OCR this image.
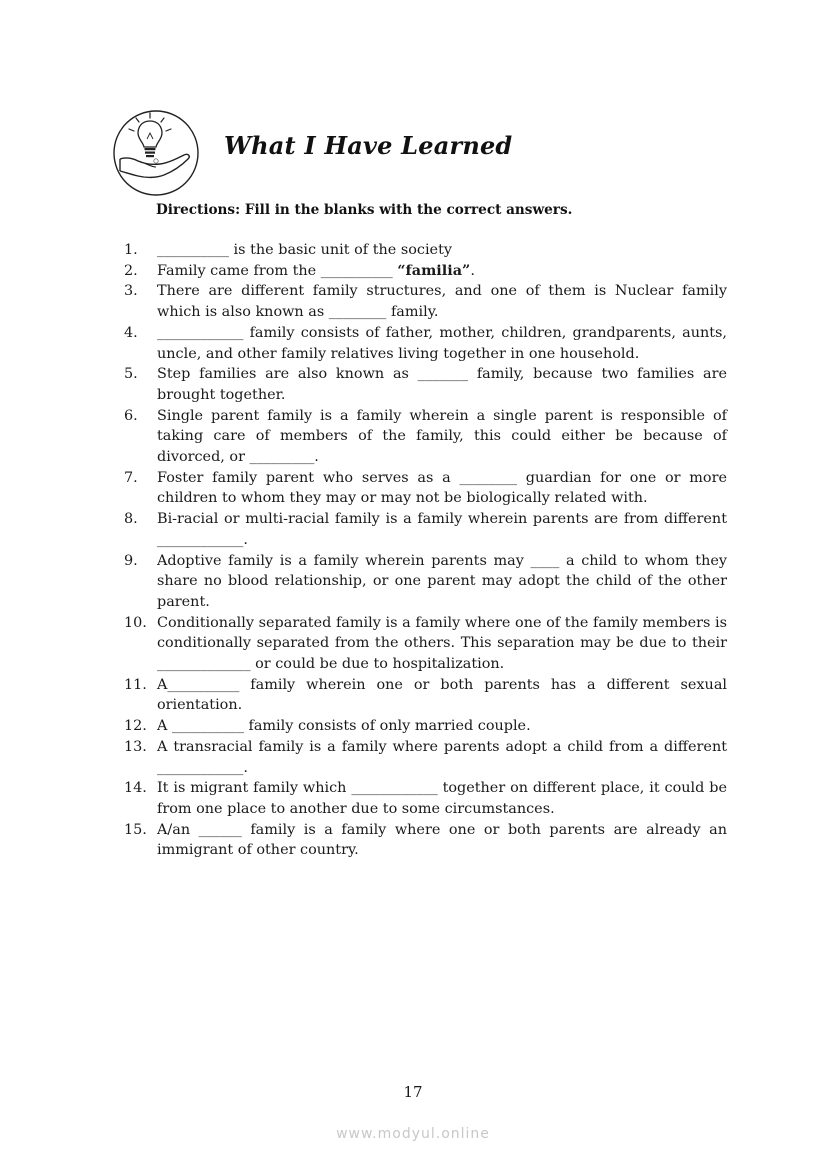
What I Have Learned
Directions: Fill in the blanks with the correct answers.
1. __________ is the basic unit of the society
2. Family came from the __________ “familia”.
3. There are different family structures, and one of them is Nuclear family which is also known as ________ family.
4. ____________ family consists of father, mother, children, grandparents, aunts, uncle, and other family relatives living together in one household.
5. Step families are also known as _______ family, because two families are brought together.
6. Single parent family is a family wherein a single parent is responsible of taking care of members of the family, this could either be because of divorced, or _________.
7. Foster family parent who serves as a ________ guardian for one or more children to whom they may or may not be biologically related with.
8. Bi-racial or multi-racial family is a family wherein parents are from different ____________.
9. Adoptive family is a family wherein parents may ____ a child to whom they share no blood relationship, or one parent may adopt the child of the other parent.
10. Conditionally separated family is a family where one of the family members is conditionally separated from the others. This separation may be due to their _____________ or could be due to hospitalization.
11. A__________ family wherein one or both parents has a different sexual orientation.
12. A __________ family consists of only married couple.
13. A transracial family is a family where parents adopt a child from a different ____________.
14. It is migrant family which ____________ together on different place, it could be from one place to another due to some circumstances.
15. A/an ______ family is a family where one or both parents are already an immigrant of other country.
17
www.modyul.online
